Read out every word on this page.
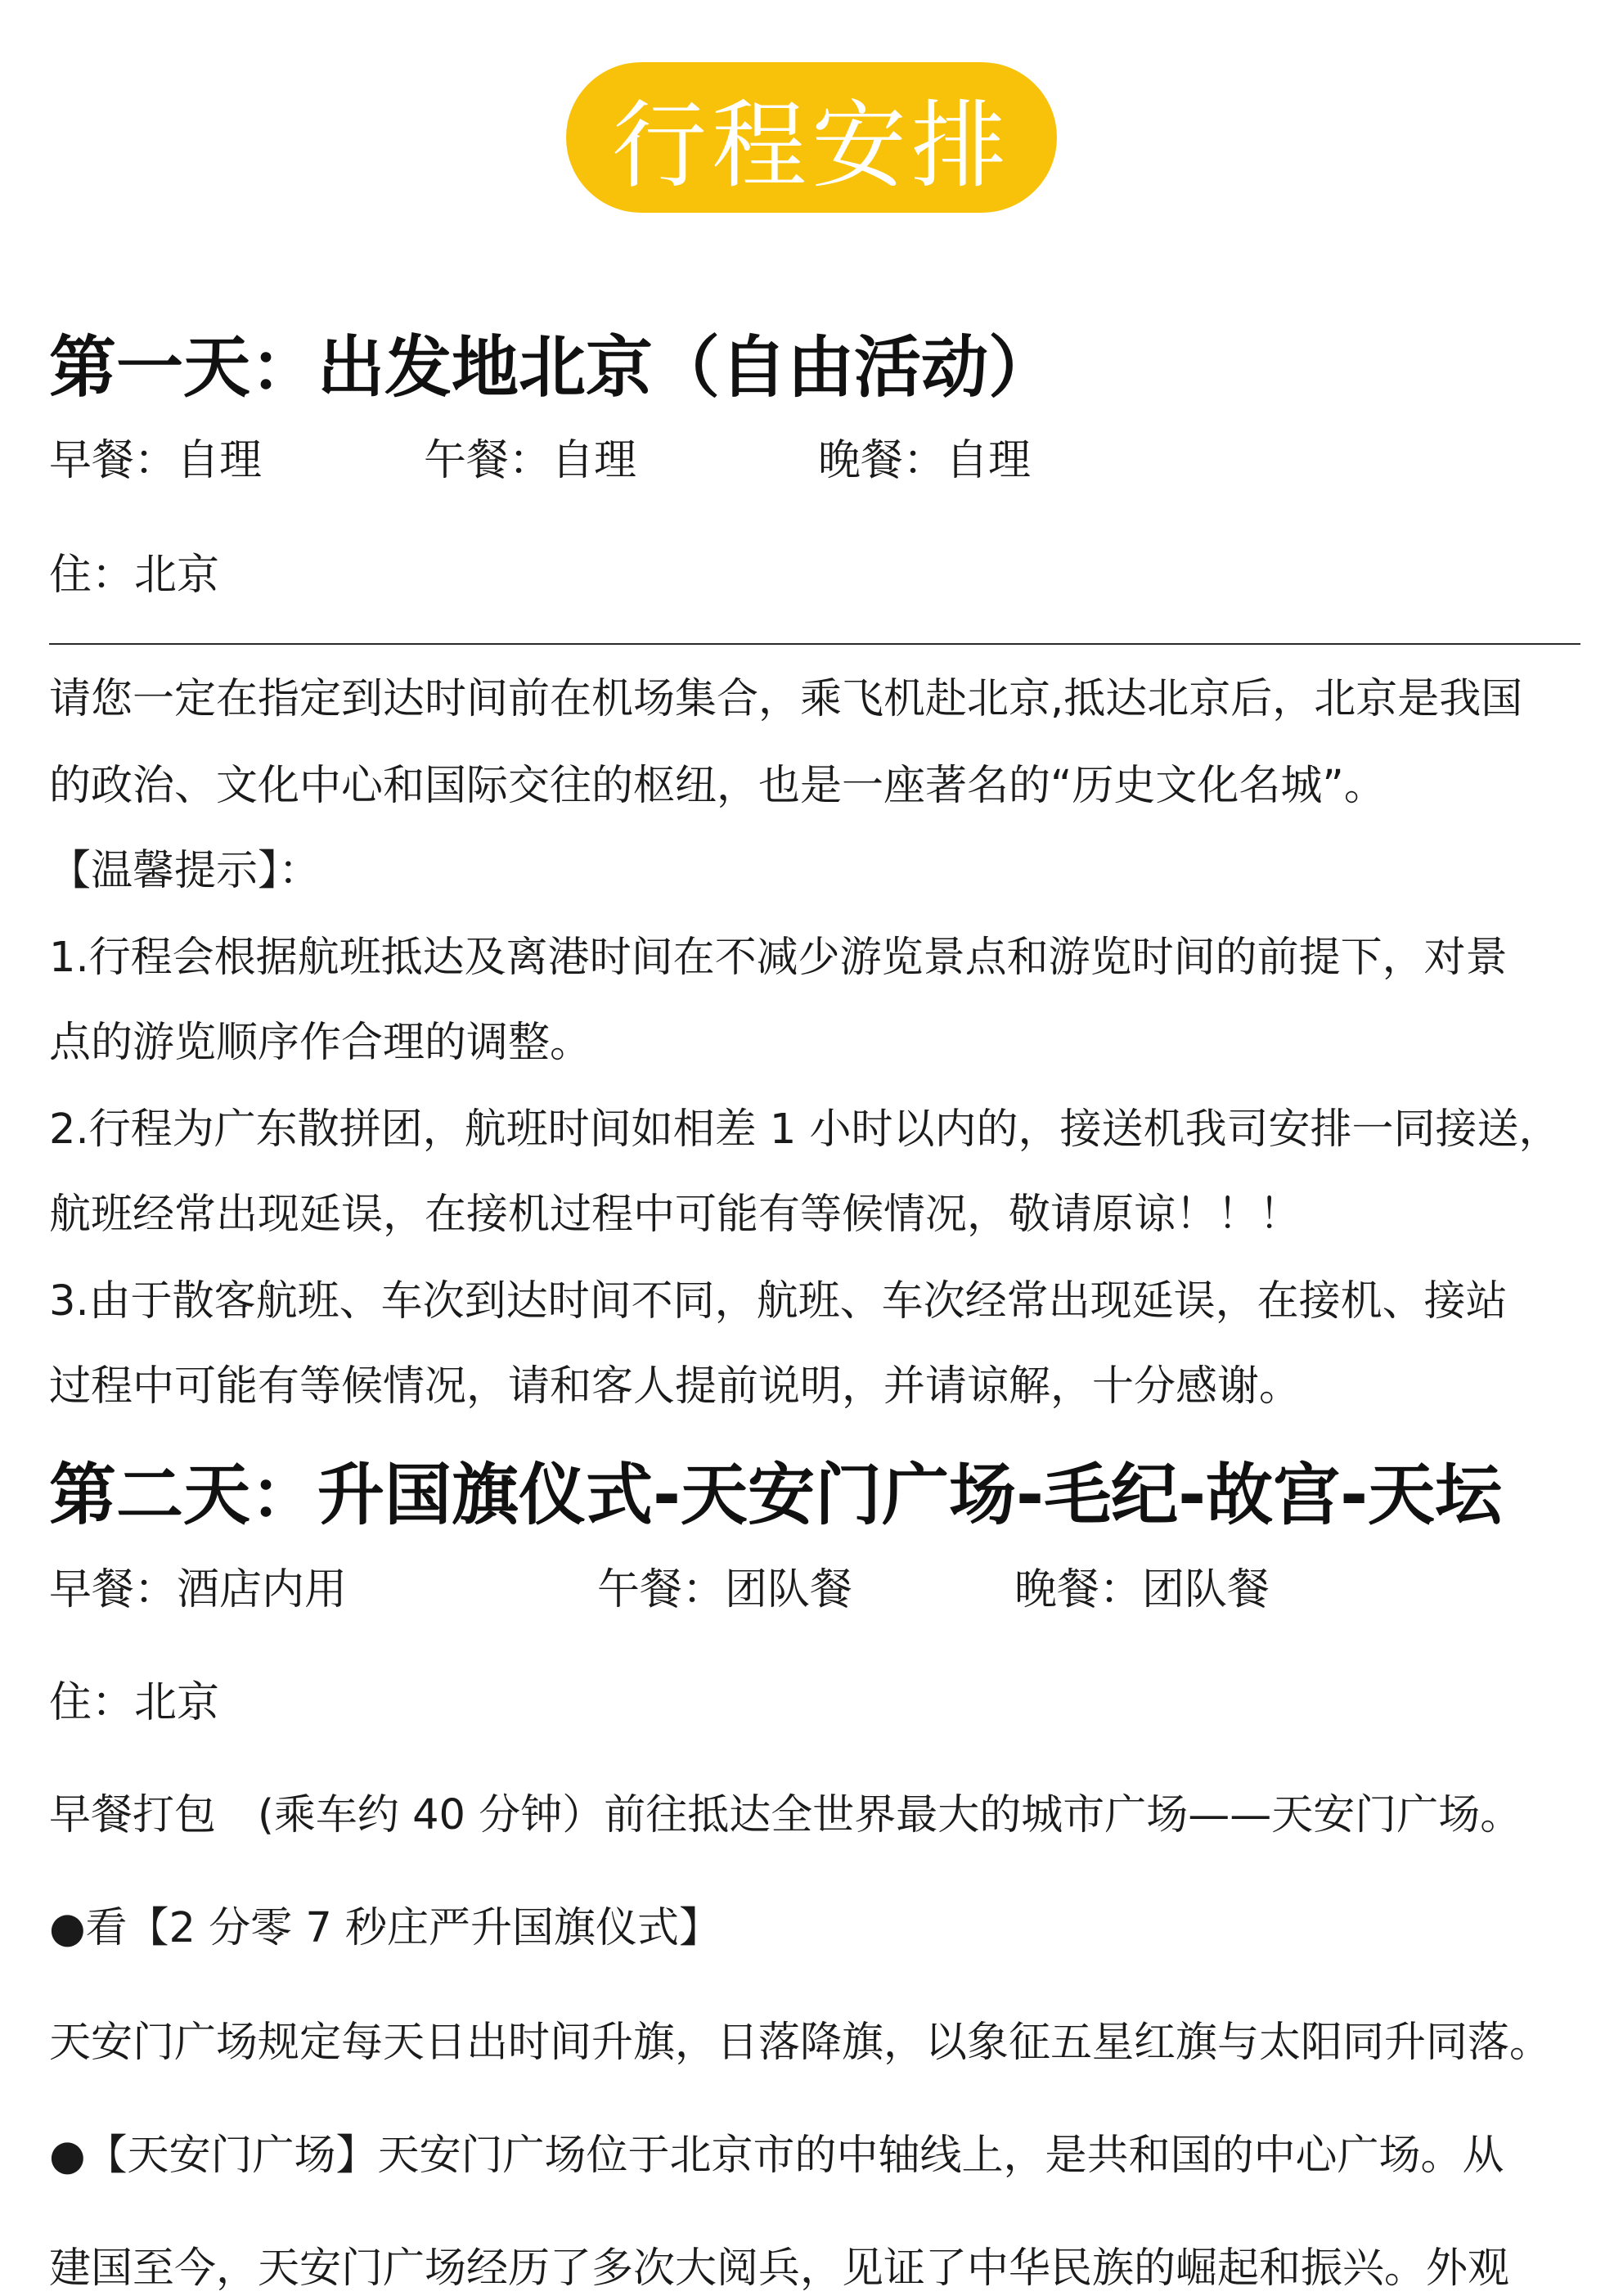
行程安排
第一天：出发地北京（自由活动）
早餐：自理	午餐：自理	晚餐：自理
住：北京
请您一定在指定到达时间前在机场集合，乘飞机赴北京,抵达北京后，北京是我国
的政治、文化中心和国际交往的枢纽，也是一座著名的“历史文化名城”。
【温馨提示】：
1.行程会根据航班抵达及离港时间在不减少游览景点和游览时间的前提下，对景
点的游览顺序作合理的调整。
2.行程为广东散拼团，航班时间如相差 1 小时以内的，接送机我司安排一同接送，
航班经常出现延误，在接机过程中可能有等候情况，敬请原谅！！！
3.由于散客航班、车次到达时间不同，航班、车次经常出现延误，在接机、接站
过程中可能有等候情况，请和客人提前说明，并请谅解，十分感谢。
第二天：升国旗仪式-天安门广场-毛纪-故宫-天坛
早餐：酒店内用	午餐：团队餐	晚餐：团队餐
住：北京
早餐打包　(乘车约 40 分钟）前往抵达全世界最大的城市广场——天安门广场。
●看【2 分零 7 秒庄严升国旗仪式】
天安门广场规定每天日出时间升旗，日落降旗，以象征五星红旗与太阳同升同落。
●【天安门广场】天安门广场位于北京市的中轴线上，是共和国的中心广场。从
建国至今，天安门广场经历了多次大阅兵，见证了中华民族的崛起和振兴。外观
